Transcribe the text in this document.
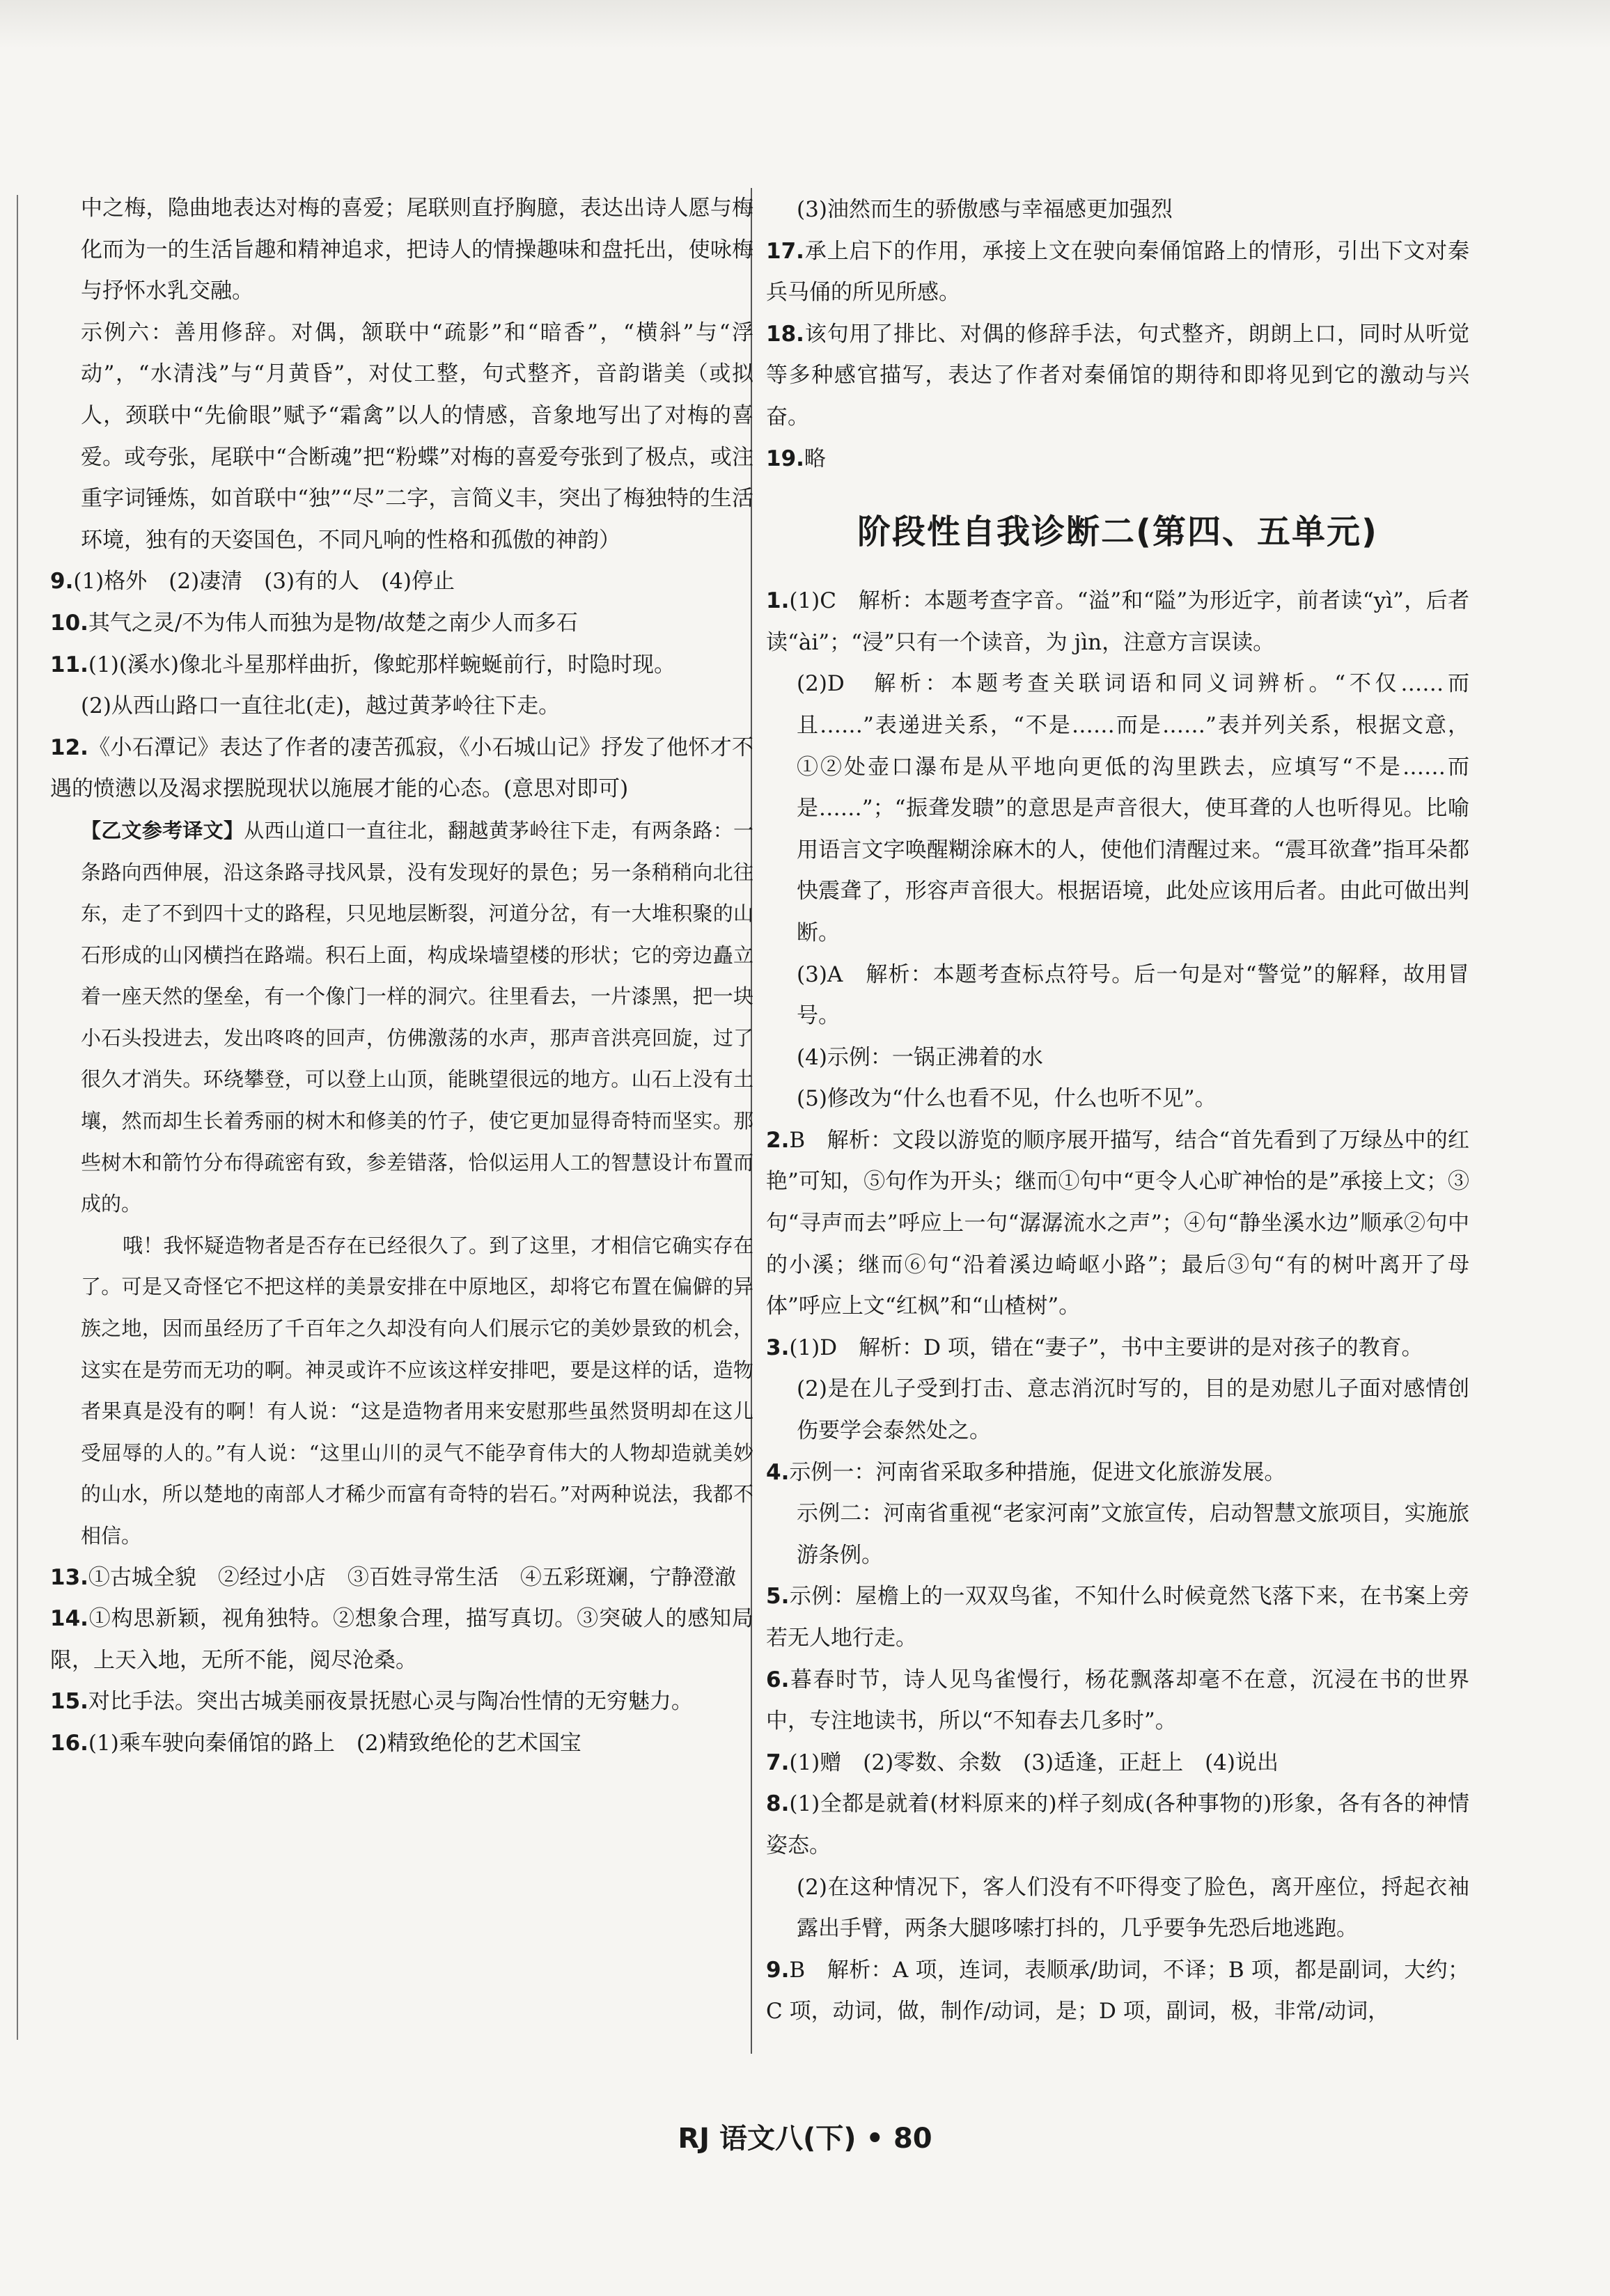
中之梅，隐曲地表达对梅的喜爱；尾联则直抒胸臆，表达出诗人愿与梅化而为一的生活旨趣和精神追求，把诗人的情操趣味和盘托出，使咏梅与抒怀水乳交融。

示例六：善用修辞。对偶，颔联中“疏影”和“暗香”，“横斜”与“浮动”，“水清浅”与“月黄昏”，对仗工整，句式整齐，音韵谐美（或拟人，颈联中“先偷眼”赋予“霜禽”以人的情感，音象地写出了对梅的喜爱。或夸张，尾联中“合断魂”把“粉蝶”对梅的喜爱夸张到了极点，或注重字词锤炼，如首联中“独”“尽”二字，言简义丰，突出了梅独特的生活环境，独有的天姿国色，不同凡响的性格和孤傲的神韵）

9.(1)格外　(2)凄清　(3)有的人　(4)停止

10.其气之灵/不为伟人而独为是物/故楚之南少人而多石

11.(1)(溪水)像北斗星那样曲折，像蛇那样蜿蜒前行，时隐时现。

(2)从西山路口一直往北(走)，越过黄茅岭往下走。

12.《小石潭记》表达了作者的凄苦孤寂，《小石城山记》抒发了他怀才不遇的愤懑以及渴求摆脱现状以施展才能的心态。(意思对即可)

【乙文参考译文】从西山道口一直往北，翻越黄茅岭往下走，有两条路：一条路向西伸展，沿这条路寻找风景，没有发现好的景色；另一条稍稍向北往东，走了不到四十丈的路程，只见地层断裂，河道分岔，有一大堆积聚的山石形成的山冈横挡在路端。积石上面，构成垛墙望楼的形状；它的旁边矗立着一座天然的堡垒，有一个像门一样的洞穴。往里看去，一片漆黑，把一块小石头投进去，发出咚咚的回声，仿佛激荡的水声，那声音洪亮回旋，过了很久才消失。环绕攀登，可以登上山顶，能眺望很远的地方。山石上没有土壤，然而却生长着秀丽的树木和修美的竹子，使它更加显得奇特而坚实。那些树木和箭竹分布得疏密有致，参差错落，恰似运用人工的智慧设计布置而成的。

哦！我怀疑造物者是否存在已经很久了。到了这里，才相信它确实存在了。可是又奇怪它不把这样的美景安排在中原地区，却将它布置在偏僻的异族之地，因而虽经历了千百年之久却没有向人们展示它的美妙景致的机会，这实在是劳而无功的啊。神灵或许不应该这样安排吧，要是这样的话，造物者果真是没有的啊！有人说：“这是造物者用来安慰那些虽然贤明却在这儿受屈辱的人的。”有人说：“这里山川的灵气不能孕育伟大的人物却造就美妙的山水，所以楚地的南部人才稀少而富有奇特的岩石。”对两种说法，我都不相信。

13.①古城全貌　②经过小店　③百姓寻常生活　④五彩斑斓，宁静澄澈

14.①构思新颖，视角独特。②想象合理，描写真切。③突破人的感知局限，上天入地，无所不能，阅尽沧桑。

15.对比手法。突出古城美丽夜景抚慰心灵与陶冶性情的无穷魅力。

16.(1)乘车驶向秦俑馆的路上　(2)精致绝伦的艺术国宝

(3)油然而生的骄傲感与幸福感更加强烈

17.承上启下的作用，承接上文在驶向秦俑馆路上的情形，引出下文对秦兵马俑的所见所感。

18.该句用了排比、对偶的修辞手法，句式整齐，朗朗上口，同时从听觉等多种感官描写，表达了作者对秦俑馆的期待和即将见到它的激动与兴奋。

19.略

阶段性自我诊断二(第四、五单元)

1.(1)C　解析：本题考查字音。“溢”和“隘”为形近字，前者读“yì”，后者读“ài”；“浸”只有一个读音，为 jìn，注意方言误读。

(2)D　解析：本题考查关联词语和同义词辨析。“不仅……而且……”表递进关系，“不是……而是……”表并列关系，根据文意，①②处壶口瀑布是从平地向更低的沟里跌去，应填写“不是……而是……”；“振聋发聩”的意思是声音很大，使耳聋的人也听得见。比喻用语言文字唤醒糊涂麻木的人，使他们清醒过来。“震耳欲聋”指耳朵都快震聋了，形容声音很大。根据语境，此处应该用后者。由此可做出判断。

(3)A　解析：本题考查标点符号。后一句是对“警觉”的解释，故用冒号。

(4)示例：一锅正沸着的水

(5)修改为“什么也看不见，什么也听不见”。

2.B　解析：文段以游览的顺序展开描写，结合“首先看到了万绿丛中的红艳”可知，⑤句作为开头；继而①句中“更令人心旷神怡的是”承接上文；③句“寻声而去”呼应上一句“潺潺流水之声”；④句“静坐溪水边”顺承②句中的小溪；继而⑥句“沿着溪边崎岖小路”；最后③句“有的树叶离开了母体”呼应上文“红枫”和“山楂树”。

3.(1)D　解析：D 项，错在“妻子”，书中主要讲的是对孩子的教育。

(2)是在儿子受到打击、意志消沉时写的，目的是劝慰儿子面对感情创伤要学会泰然处之。

4.示例一：河南省采取多种措施，促进文化旅游发展。

示例二：河南省重视“老家河南”文旅宣传，启动智慧文旅项目，实施旅游条例。

5.示例：屋檐上的一双双鸟雀，不知什么时候竟然飞落下来，在书案上旁若无人地行走。

6.暮春时节，诗人见鸟雀慢行，杨花飘落却毫不在意，沉浸在书的世界中，专注地读书，所以“不知春去几多时”。

7.(1)赠　(2)零数、余数　(3)适逢，正赶上　(4)说出

8.(1)全都是就着(材料原来的)样子刻成(各种事物的)形象，各有各的神情姿态。

(2)在这种情况下，客人们没有不吓得变了脸色，离开座位，捋起衣袖露出手臂，两条大腿哆嗦打抖的，几乎要争先恐后地逃跑。

9.B　解析：A 项，连词，表顺承/助词，不译；B 项，都是副词，大约；C 项，动词，做，制作/动词，是；D 项，副词，极，非常/动词，

RJ 语文八(下) • 80
